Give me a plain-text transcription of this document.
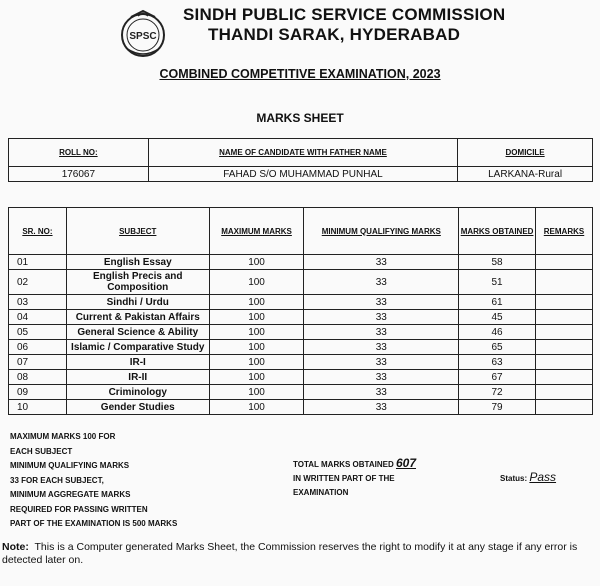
SPSC
SINDH PUBLIC SERVICE COMMISSION
THANDI SARAK, HYDERABAD
COMBINED COMPETITIVE EXAMINATION, 2023
MARKS SHEET
ROLL NO:	NAME OF CANDIDATE WITH FATHER NAME	DOMICILE
176067	FAHAD S/O MUHAMMAD PUNHAL	LARKANA-Rural
SR. NO:	SUBJECT	MAXIMUM MARKS	MINIMUM QUALIFYING MARKS	MARKS OBTAINED	REMARKS
01	English Essay	100	33	58	
02	English Precis and Composition	100	33	51	
03	Sindhi / Urdu	100	33	61	
04	Current & Pakistan Affairs	100	33	45	
05	General Science & Ability	100	33	46	
06	Islamic / Comparative Study	100	33	65	
07	IR-I	100	33	63	
08	IR-II	100	33	67	
09	Criminology	100	33	72	
10	Gender Studies	100	33	79	
MAXIMUM MARKS 100 FOR
EACH SUBJECT
MINIMUM QUALIFYING MARKS
33 FOR EACH SUBJECT,
MINIMUM AGGREGATE MARKS
REQUIRED FOR PASSING WRITTEN
PART OF THE EXAMINATION IS 500 MARKS
TOTAL MARKS OBTAINED 607
IN WRITTEN PART OF THE
EXAMINATION
Status: Pass
Note: This is a Computer generated Marks Sheet, the Commission reserves the right to modify it at any stage if any error is detected later on.
